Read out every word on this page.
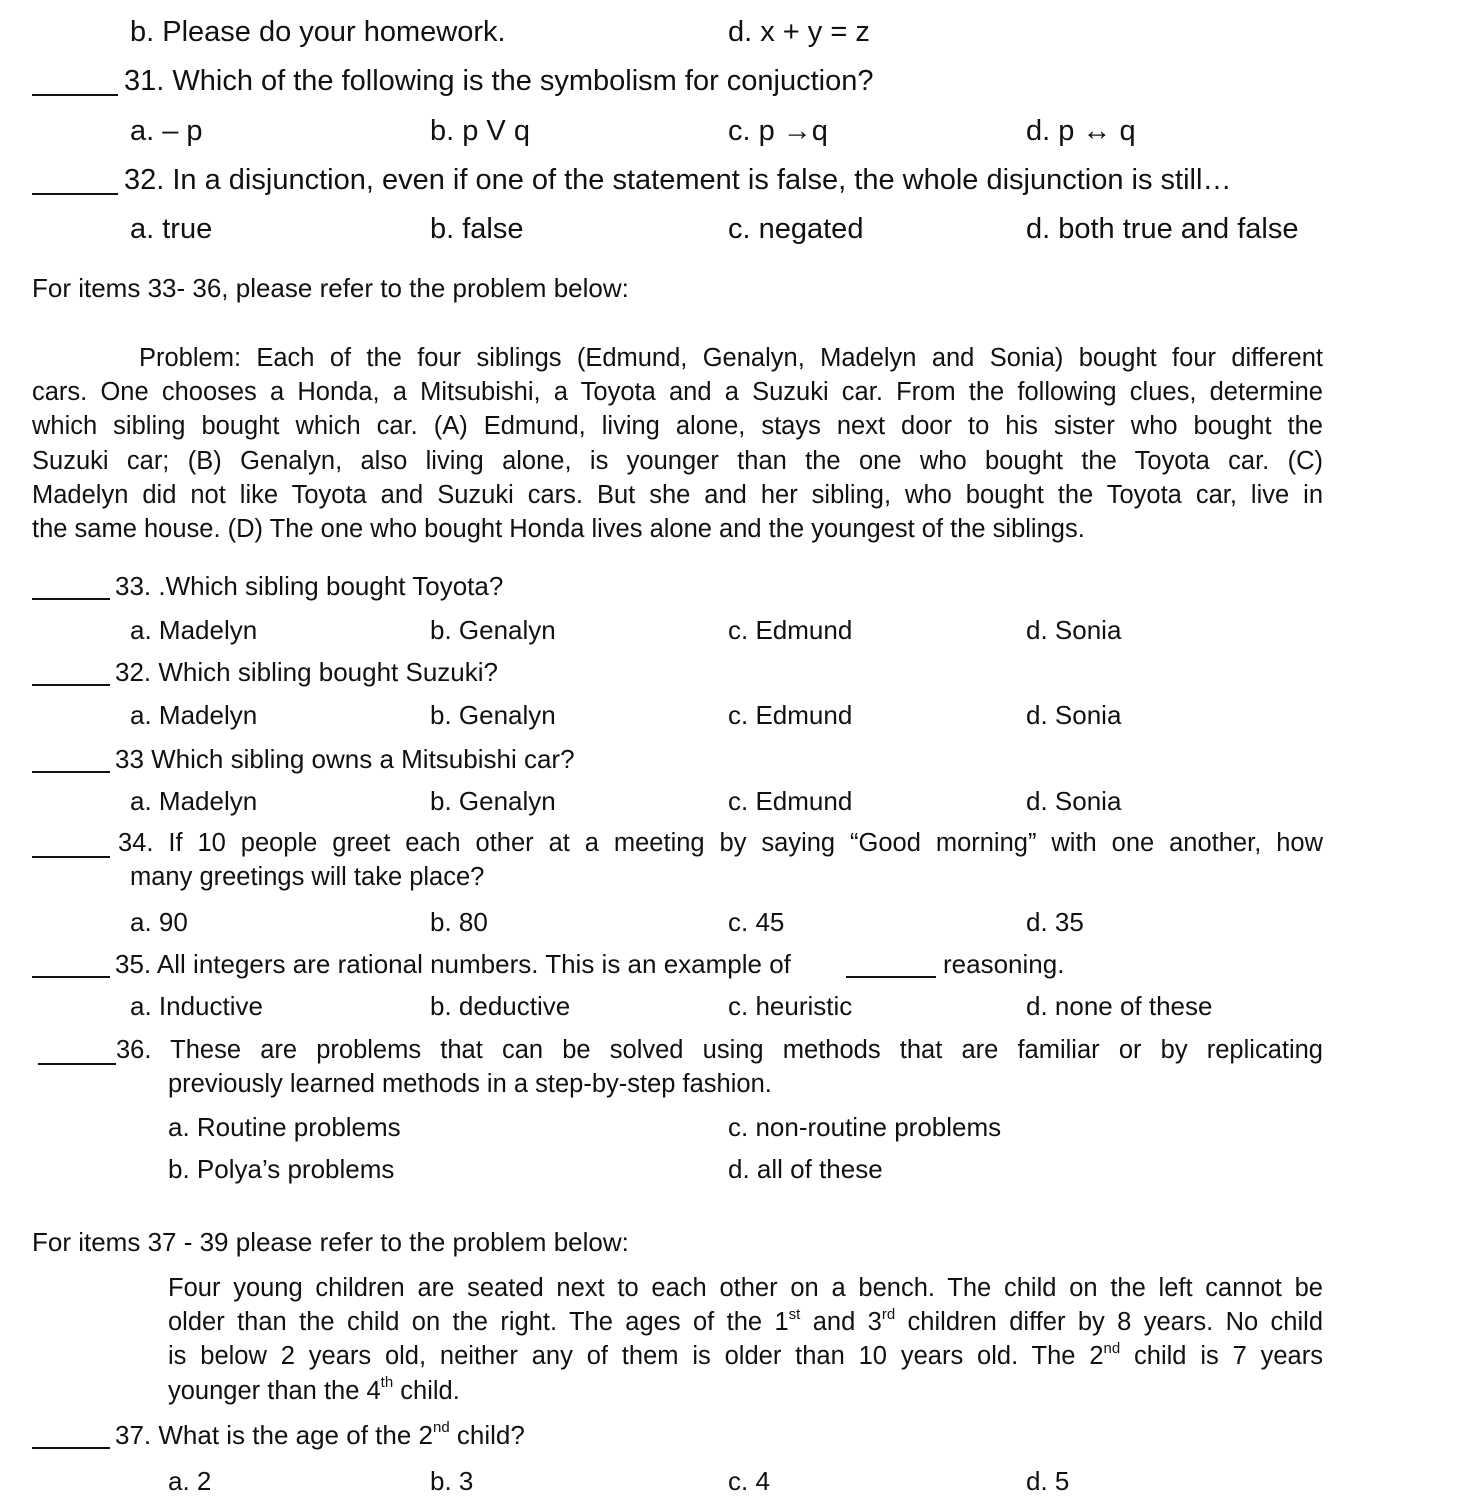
b. Please do your homework.	d. x + y = z
31. Which of the following is the symbolism for conjuction?
a. – p	b. p V q	c. p →q	d. p ↔ q
32. In a disjunction, even if one of the statement is false, the whole disjunction is still…
a. true	b. false	c. negated	d. both true and false
For items 33- 36, please refer to the problem below:
Problem: Each of the four siblings (Edmund, Genalyn, Madelyn and Sonia) bought four different
cars. One chooses a Honda, a Mitsubishi, a Toyota and a Suzuki car. From the following clues, determine
which sibling bought which car. (A) Edmund, living alone, stays next door to his sister who bought the
Suzuki car; (B) Genalyn, also living alone, is younger than the one who bought the Toyota car. (C)
Madelyn did not like Toyota and Suzuki cars. But she and her sibling, who bought the Toyota car, live in
the same house. (D) The one who bought Honda lives alone and the youngest of the siblings.
33. .Which sibling bought Toyota?
a. Madelyn	b. Genalyn	c. Edmund	d. Sonia
32. Which sibling bought Suzuki?
a. Madelyn	b. Genalyn	c. Edmund	d. Sonia
33 Which sibling owns a Mitsubishi car?
a. Madelyn	b. Genalyn	c. Edmund	d. Sonia
34. If 10 people greet each other at a meeting by saying “Good morning” with one another, how
many greetings will take place?
a. 90	b. 80	c. 45	d. 35
35. All integers are rational numbers. This is an example of	reasoning.
a. Inductive	b. deductive	c. heuristic	d. none of these
36. These are problems that can be solved using methods that are familiar or by replicating
previously learned methods in a step-by-step fashion.
a. Routine problems	c. non-routine problems
b. Polya’s problems	d. all of these
For items 37 - 39 please refer to the problem below:
Four young children are seated next to each other on a bench. The child on the left cannot be
older than the child on the right. The ages of the 1st and 3rd children differ by 8 years. No child
is below 2 years old, neither any of them is older than 10 years old. The 2nd child is 7 years
younger than the 4th child.
37. What is the age of the 2nd child?
a. 2	b. 3	c. 4	d. 5
